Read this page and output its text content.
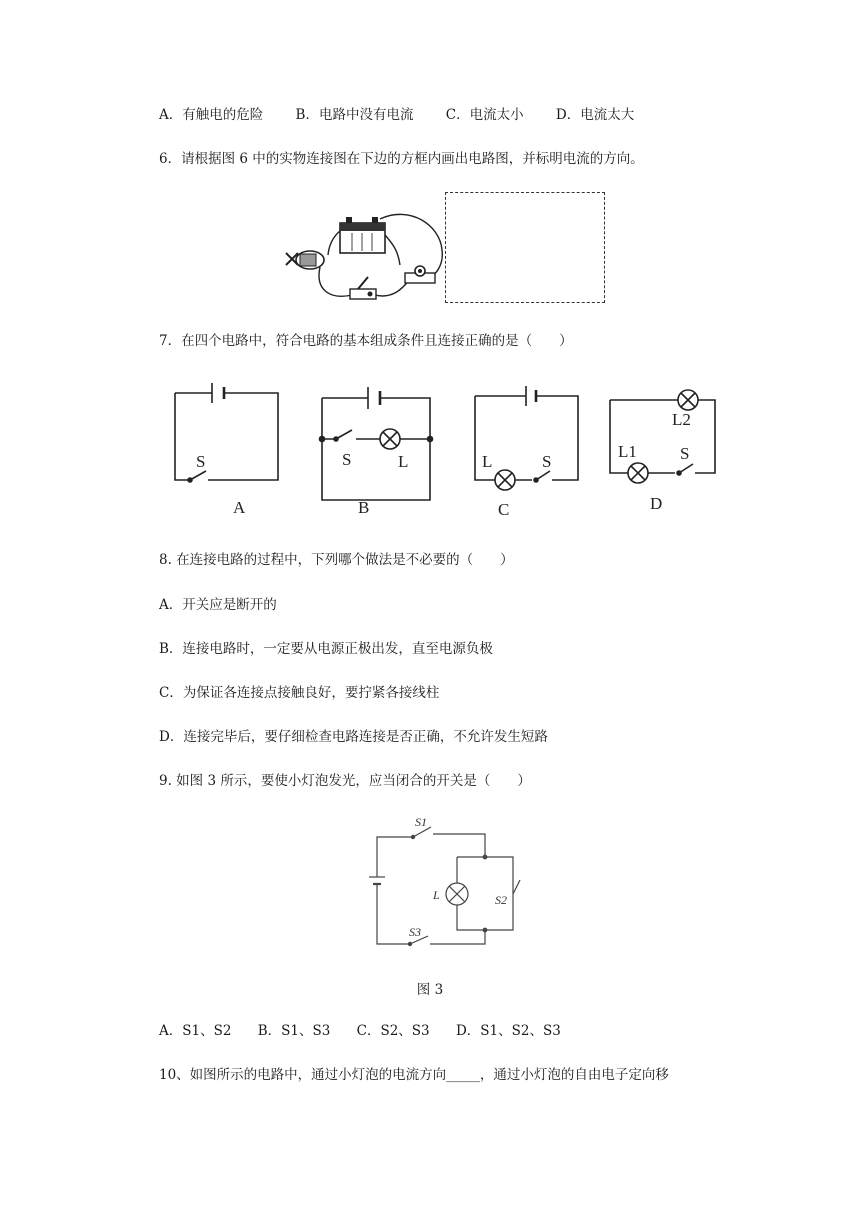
A．有触电的危险 B．电路中没有电流 C．电流太小 D．电流太大
6．请根据图 6 中的实物连接图在下边的方框内画出电路图，并标明电流的方向。
7．在四个电路中，符合电路的基本组成条件且连接正确的是（　　）
S
A
S	L
B
L	S
C
L2
L1	S
D
8. 在连接电路的过程中，下列哪个做法是不必要的（　　）
A．开关应是断开的
B．连接电路时，一定要从电源正极出发，直至电源负极
C．为保证各连接点接触良好，要拧紧各接线柱
D．连接完毕后，要仔细检查电路连接是否正确，不允许发生短路
9. 如图 3 所示，要使小灯泡发光，应当闭合的开关是（　　）
S1
L	S2
S3
图 3
A．S1、S2 B．S1、S3 C．S2、S3 D．S1、S2、S3
10、如图所示的电路中，通过小灯泡的电流方向_____，通过小灯泡的自由电子定向移
